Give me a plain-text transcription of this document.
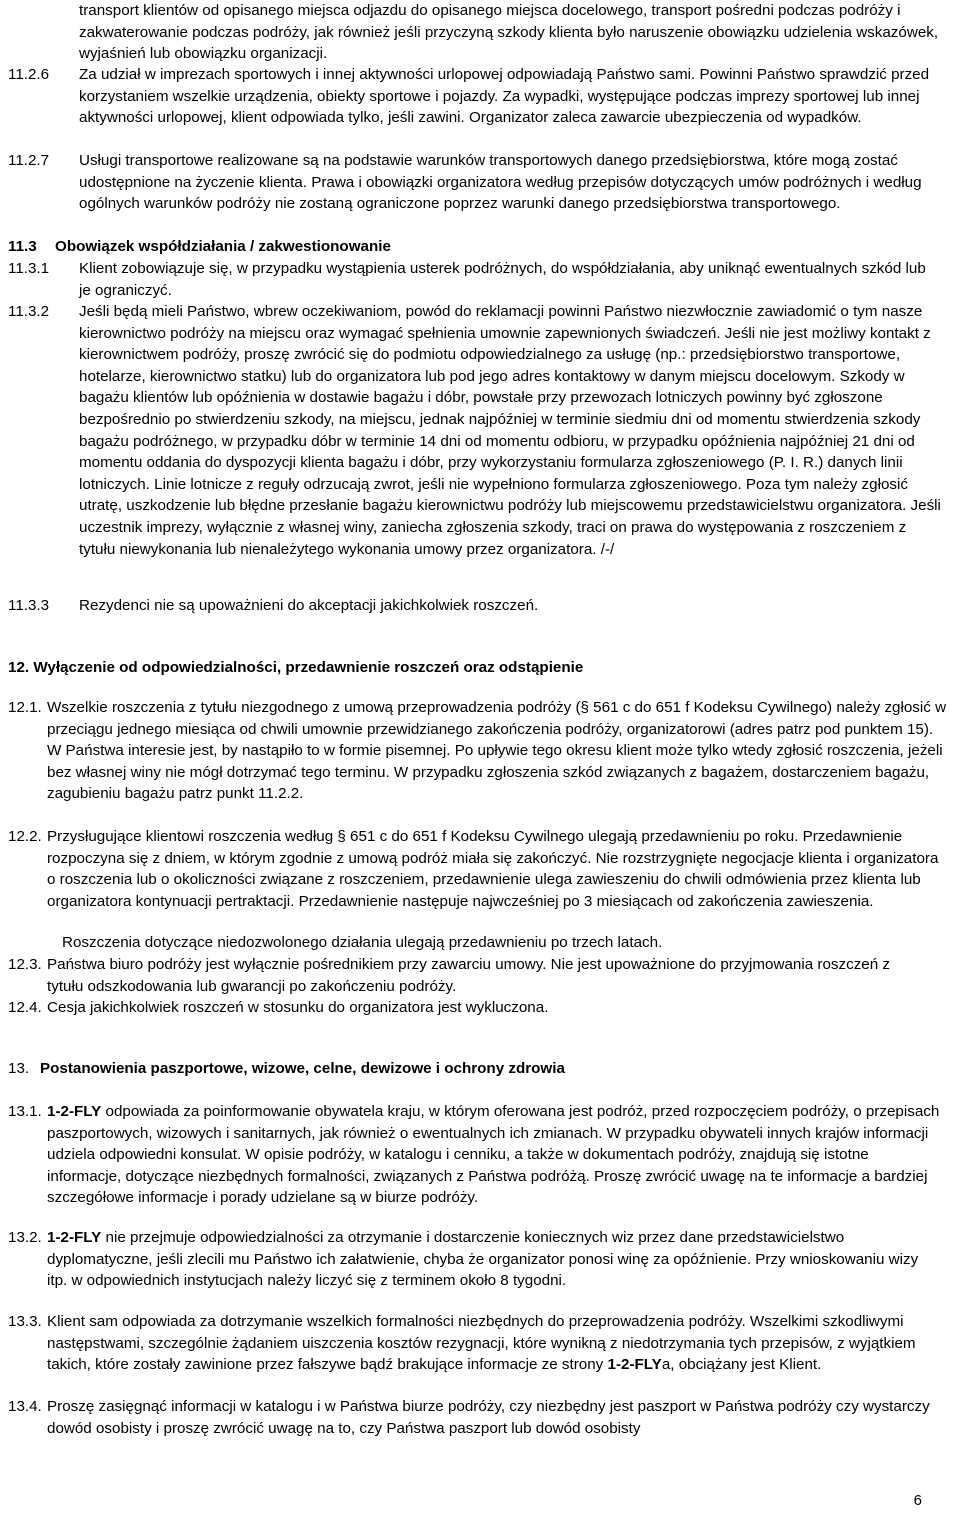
transport klientów od opisanego miejsca odjazdu do opisanego miejsca docelowego, transport pośredni podczas podróży i zakwaterowanie podczas podróży, jak również jeśli przyczyną szkody klienta było naruszenie obowiązku udzielenia wskazówek, wyjaśnień lub obowiązku organizacji.

11.2.6 Za udział w imprezach sportowych i innej aktywności urlopowej odpowiadają Państwo sami. Powinni Państwo sprawdzić przed korzystaniem wszelkie urządzenia, obiekty sportowe i pojazdy. Za wypadki, występujące podczas imprezy sportowej lub innej aktywności urlopowej, klient odpowiada tylko, jeśli zawini. Organizator zaleca zawarcie ubezpieczenia od wypadków.

11.2.7 Usługi transportowe realizowane są na podstawie warunków transportowych danego przedsiębiorstwa, które mogą zostać udostępnione na życzenie klienta. Prawa i obowiązki organizatora według przepisów dotyczących umów podróżnych i według ogólnych warunków podróży nie zostaną ograniczone poprzez warunki danego przedsiębiorstwa transportowego.

11.3 Obowiązek współdziałania / zakwestionowanie
11.3.1 Klient zobowiązuje się, w przypadku wystąpienia usterek podróżnych, do współdziałania, aby uniknąć ewentualnych szkód lub je ograniczyć.

11.3.2 Jeśli będą mieli Państwo, wbrew oczekiwaniom, powód do reklamacji powinni Państwo niezwłocznie zawiadomić o tym nasze kierownictwo podróży na miejscu oraz wymagać spełnienia umownie zapewnionych świadczeń. Jeśli nie jest możliwy kontakt z kierownictwem podróży, proszę zwrócić się do podmiotu odpowiedzialnego za usługę (np.: przedsiębiorstwo transportowe, hotelarze, kierownictwo statku) lub do organizatora lub pod jego adres kontaktowy w danym miejscu docelowym. Szkody w bagażu klientów lub opóźnienia w dostawie bagażu i dóbr, powstałe przy przewozach lotniczych powinny być zgłoszone bezpośrednio po stwierdzeniu szkody, na miejscu, jednak najpóźniej w terminie siedmiu dni od momentu stwierdzenia szkody bagażu podróżnego, w przypadku dóbr w terminie 14 dni od momentu odbioru, w przypadku opóźnienia najpóźniej 21 dni od momentu oddania do dyspozycji klienta bagażu i dóbr, przy wykorzystaniu formularza zgłoszeniowego (P. I. R.) danych linii lotniczych. Linie lotnicze z reguły odrzucają zwrot, jeśli nie wypełniono formularza zgłoszeniowego. Poza tym należy zgłosić utratę, uszkodzenie lub błędne przesłanie bagażu kierownictwu podróży lub miejscowemu przedstawicielstwu organizatora. Jeśli uczestnik imprezy, wyłącznie z własnej winy, zaniecha zgłoszenia szkody, traci on prawa do występowania z roszczeniem z tytułu niewykonania lub nienależytego wykonania umowy przez organizatora. /-/

11.3.3 Rezydenci nie są upoważnieni do akceptacji jakichkolwiek roszczeń.
12. Wyłączenie od odpowiedzialności, przedawnienie roszczeń oraz odstąpienie
12.1. Wszelkie roszczenia z tytułu niezgodnego z umową przeprowadzenia podróży (§ 561 c do 651 f Kodeksu Cywilnego) należy zgłosić w przeciągu jednego miesiąca od chwili umownie przewidzianego zakończenia podróży, organizatorowi (adres patrz pod punktem 15). W Państwa interesie jest, by nastąpiło to w formie pisemnej. Po upływie tego okresu klient może tylko wtedy zgłosić roszczenia, jeżeli bez własnej winy nie mógł dotrzymać tego terminu. W przypadku zgłoszenia szkód związanych z bagażem, dostarczeniem bagażu, zagubieniu bagażu patrz punkt 11.2.2.

12.2. Przysługujące klientowi roszczenia według § 651 c do 651 f Kodeksu Cywilnego ulegają przedawnieniu po roku. Przedawnienie rozpoczyna się z dniem, w którym zgodnie z umową podróż miała się zakończyć. Nie rozstrzygnięte negocjacje klienta i organizatora o roszczenia lub o okoliczności związane z roszczeniem, przedawnienie ulega zawieszeniu do chwili odmówienia przez klienta lub organizatora kontynuacji pertraktacji. Przedawnienie następuje najwcześniej po 3 miesiącach od zakończenia zawieszenia.

Roszczenia dotyczące niedozwolonego działania ulegają przedawnieniu po trzech latach.

12.3. Państwa biuro podróży jest wyłącznie pośrednikiem przy zawarciu umowy. Nie jest upoważnione do przyjmowania roszczeń z tytułu odszkodowania lub gwarancji po zakończeniu podróży.

12.4. Cesja jakichkolwiek roszczeń w stosunku do organizatora jest wykluczona.
13. Postanowienia paszportowe, wizowe, celne, dewizowe i ochrony zdrowia
13.1. 1-2-FLY odpowiada za poinformowanie obywatela kraju, w którym oferowana jest podróż, przed rozpoczęciem podróży, o przepisach paszportowych, wizowych i sanitarnych, jak również o ewentualnych ich zmianach. W przypadku obywateli innych krajów informacji udziela odpowiedni konsulat. W opisie podróży, w katalogu i cenniku, a także w dokumentach podróży, znajdują się istotne informacje, dotyczące niezbędnych formalności, związanych z Państwa podróżą. Proszę zwrócić uwagę na te informacje a bardziej szczegółowe informacje i porady udzielane są w biurze podróży.

13.2. 1-2-FLY nie przejmuje odpowiedzialności za otrzymanie i dostarczenie koniecznych wiz przez dane przedstawicielstwo dyplomatyczne, jeśli zlecili mu Państwo ich załatwienie, chyba że organizator ponosi winę za opóźnienie. Przy wnioskowaniu wizy itp. w odpowiednich instytucjach należy liczyć się z terminem około 8 tygodni.

13.3. Klient sam odpowiada za dotrzymanie wszelkich formalności niezbędnych do przeprowadzenia podróży. Wszelkimi szkodliwymi następstwami, szczególnie żądaniem uiszczenia kosztów rezygnacji, które wynikną z niedotrzymania tych przepisów, z wyjątkiem takich, które zostały zawinione przez fałszywe bądź brakujące informacje ze strony 1-2-FLYa, obciążany jest Klient.

13.4. Proszę zasięgnąć informacji w katalogu i w Państwa biurze podróży, czy niezbędny jest paszport w Państwa podróży czy wystarczy dowód osobisty i proszę zwrócić uwagę na to, czy Państwa paszport lub dowód osobisty

6
